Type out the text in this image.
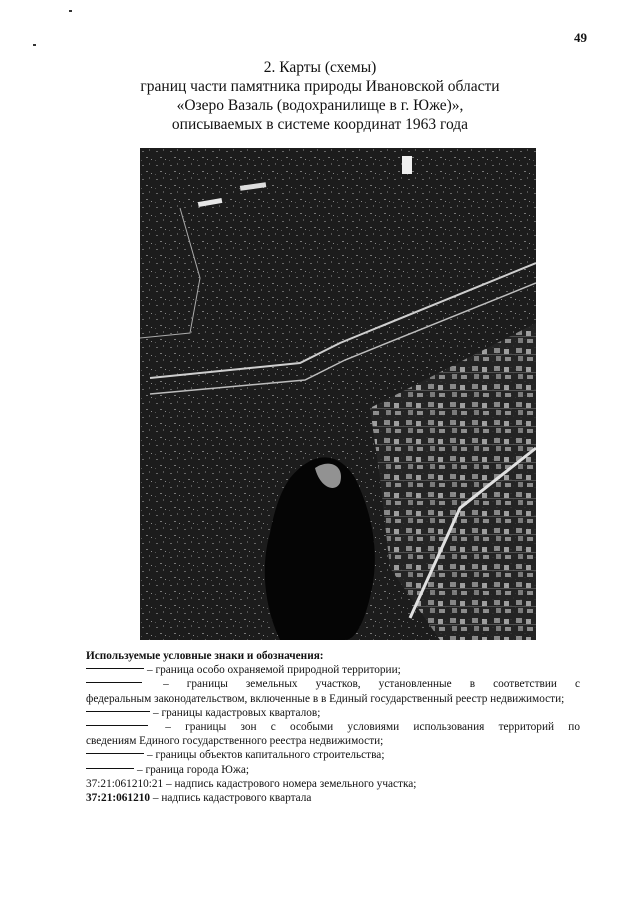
49
2. Карты (схемы)
границ части памятника природы Ивановской области
«Озеро Вазаль (водохранилище в г. Юже)»,
описываемых в системе координат 1963 года
Используемые условные знаки и обозначения:
– граница особо охраняемой природной территории;
– границы земельных участков, установленные в соответствии с
федеральным законодательством, включенные в в Единый государственный реестр недвижимости;
– границы кадастровых кварталов;
– границы зон с особыми условиями использования территорий по
сведениям Единого государственного реестра недвижимости;
– границы объектов капитального строительства;
– граница города Южа;
37:21:061210:21 – надпись кадастрового номера земельного участка;
37:21:061210 – надпись кадастрового квартала
